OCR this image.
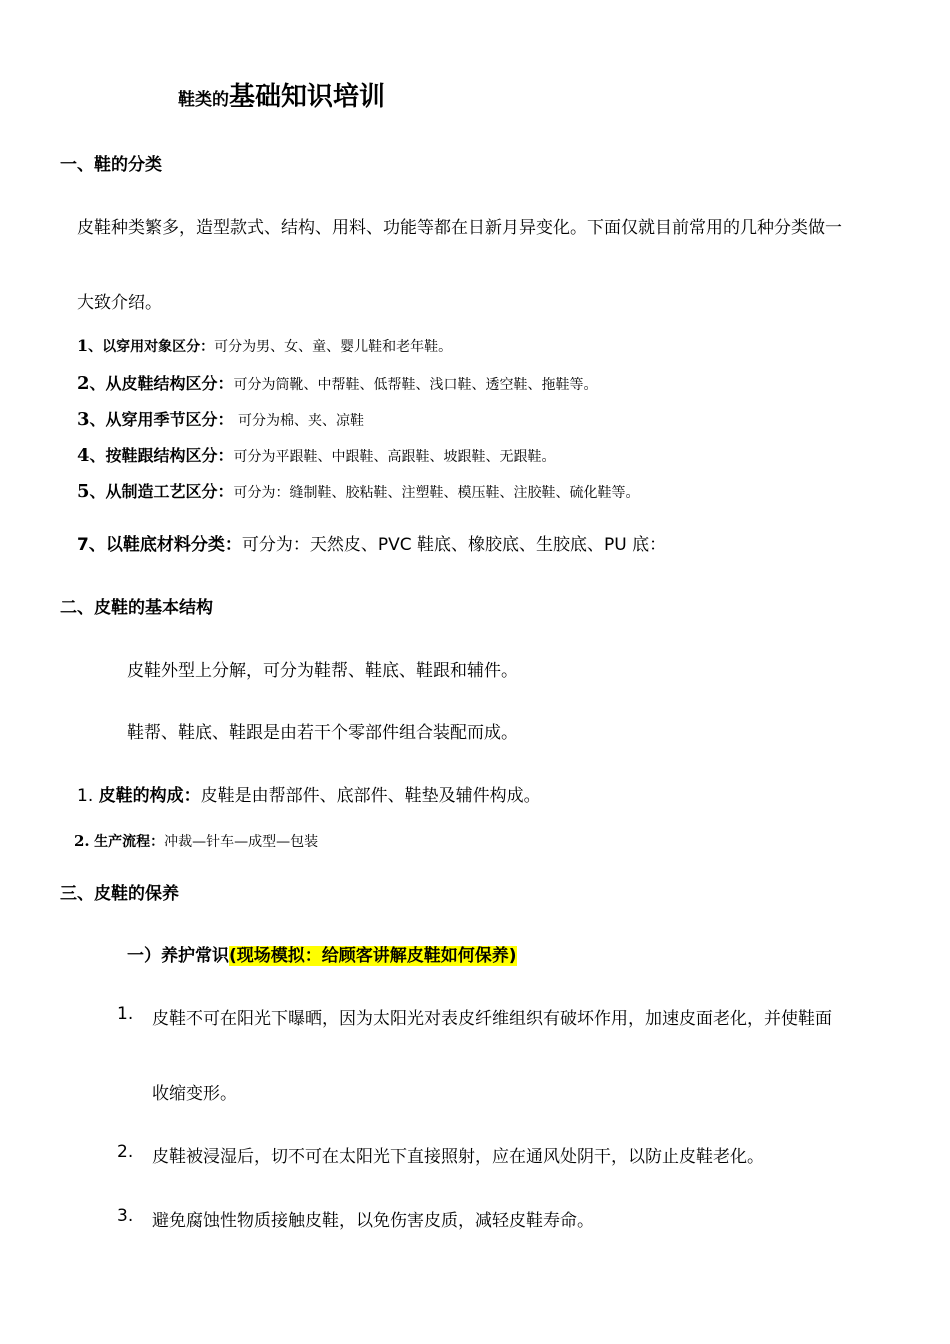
鞋类的基础知识培训
一、鞋的分类
皮鞋种类繁多，造型款式、结构、用料、功能等都在日新月异变化。下面仅就目前常用的几种分类做一
大致介绍。
1、以穿用对象区分：可分为男、女、童、婴儿鞋和老年鞋。
2、从皮鞋结构区分：可分为筒靴、中帮鞋、低帮鞋、浅口鞋、透空鞋、拖鞋等。
3、从穿用季节区分： 可分为棉、夹、凉鞋
4、按鞋跟结构区分：可分为平跟鞋、中跟鞋、高跟鞋、坡跟鞋、无跟鞋。
5、从制造工艺区分：可分为：缝制鞋、胶粘鞋、注塑鞋、模压鞋、注胶鞋、硫化鞋等。
7、以鞋底材料分类：可分为：天然皮、PVC 鞋底、橡胶底、生胶底、PU 底：
二、皮鞋的基本结构
皮鞋外型上分解，可分为鞋帮、鞋底、鞋跟和辅件。
鞋帮、鞋底、鞋跟是由若干个零部件组合装配而成。
1. 皮鞋的构成：皮鞋是由帮部件、底部件、鞋垫及辅件构成。
2. 生产流程：冲裁—针车—成型—包装
三、皮鞋的保养
一）养护常识(现场模拟：给顾客讲解皮鞋如何保养)
1. 皮鞋不可在阳光下曝晒，因为太阳光对表皮纤维组织有破坏作用，加速皮面老化，并使鞋面
收缩变形。
2. 皮鞋被浸湿后，切不可在太阳光下直接照射，应在通风处阴干，以防止皮鞋老化。
3. 避免腐蚀性物质接触皮鞋，以免伤害皮质，减轻皮鞋寿命。
